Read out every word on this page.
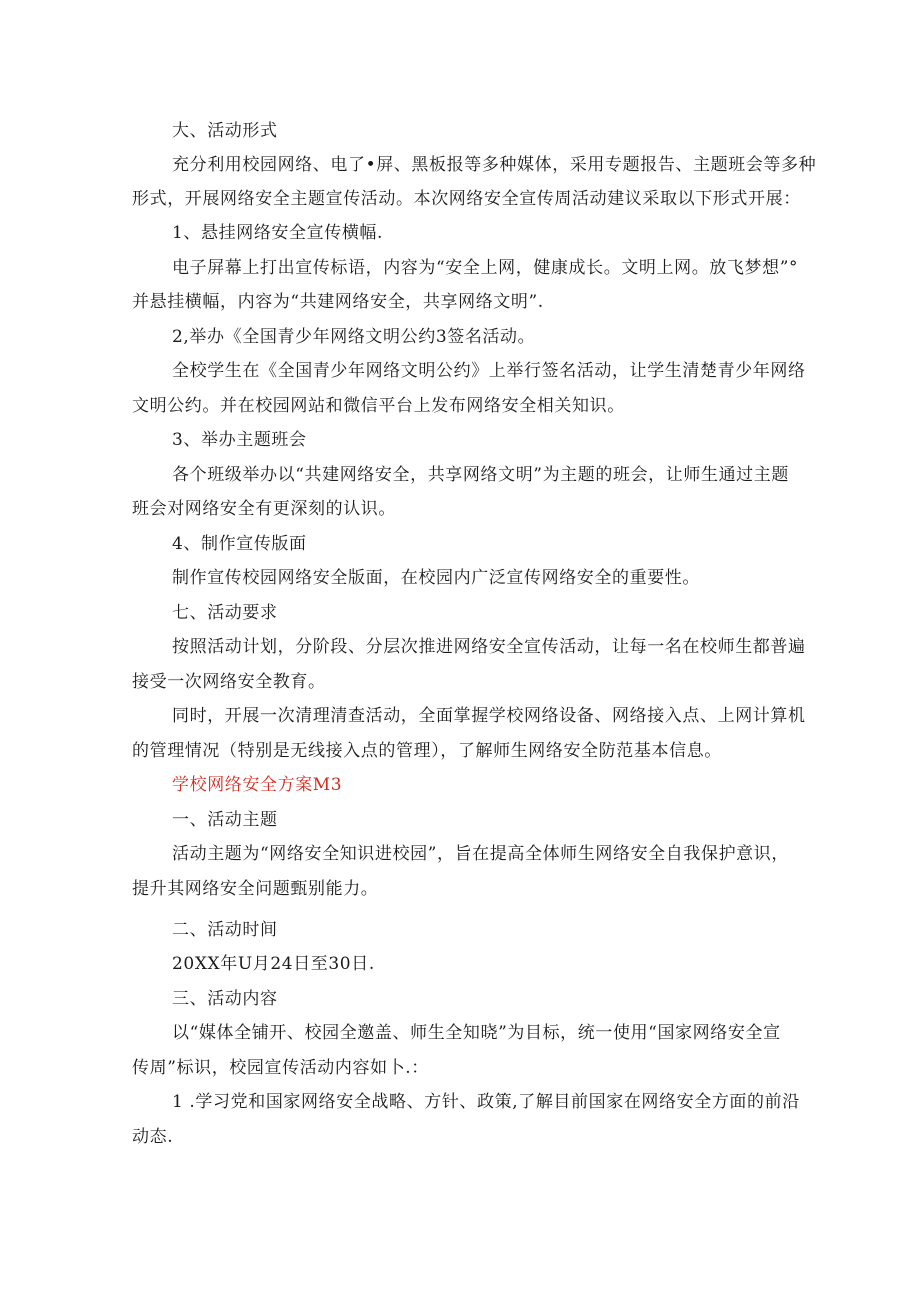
大、活动形式
充分利用校园网络、电了•屏、黑板报等多种媒体，采用专题报告、主题班会等多种
形式，开展网络安全主题宣传活动。本次网络安全宣传周活动建议采取以下形式开展：
1、悬挂网络安全宣传横幅.
电子屏幕上打出宣传标语，内容为“安全上网，健康成长。文明上网。放飞梦想”°
并悬挂横幅，内容为“共建网络安全，共享网络文明”.
2,举办《全国青少年网络文明公约3签名活动。
全校学生在《全国青少年网络文明公约》上举行签名活动，让学生清楚青少年网络
文明公约。并在校园网站和微信平台上发布网络安全相关知识。
3、举办主题班会
各个班级举办以“共建网络安全，共享网络文明”为主题的班会，让师生通过主题
班会对网络安全有更深刻的认识。
4、制作宣传版面
制作宣传校园网络安全版面，在校园内广泛宣传网络安全的重要性。
七、活动要求
按照活动计划，分阶段、分层次推进网络安全宣传活动，让每一名在校师生都普遍
接受一次网络安全教育。
同时，开展一次清理清查活动，全面掌握学校网络设备、网络接入点、上网计算机
的管理情况（特别是无线接入点的管理），了解师生网络安全防范基本信息。
学校网络安全方案M3
一、活动主题
活动主题为“网络安全知识进校园”，旨在提高全体师生网络安全自我保护意识，
提升其网络安全问题甄别能力。
二、活动时间
20XX年U月24日至30日.
三、活动内容
以“媒体全铺开、校园全邀盖、师生全知晓”为目标，统一使用“国家网络安全宣
传周”标识，校园宣传活动内容如卜.：
1 .学习党和国家网络安全战略、方针、政策,了解目前国家在网络安全方面的前沿
动态.
